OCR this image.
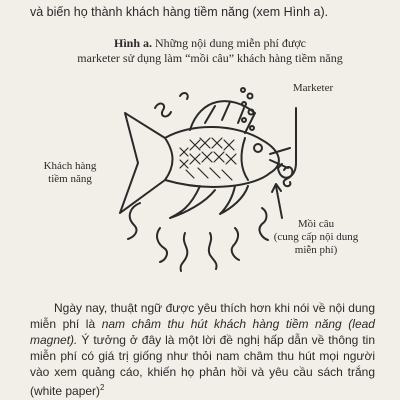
và biến họ thành khách hàng tiềm năng (xem Hình a).
Hình a. Những nội dung miễn phí được
marketer sử dụng làm “mồi câu” khách hàng tiềm năng
Marketer
Khách hàng
tiềm năng
Mồi câu
(cung cấp nội dung
miễn phí)

Ngày nay, thuật ngữ được yêu thích hơn khi nói về nội dung miễn phí là nam châm thu hút khách hàng tiềm năng (lead magnet). Ý tưởng ở đây là một lời đề nghị hấp dẫn về thông tin miễn phí có giá trị giống như thỏi nam châm thu hút mọi người vào xem quảng cáo, khiến họ phản hồi và yêu cầu sách trắng (white paper)$^2$
